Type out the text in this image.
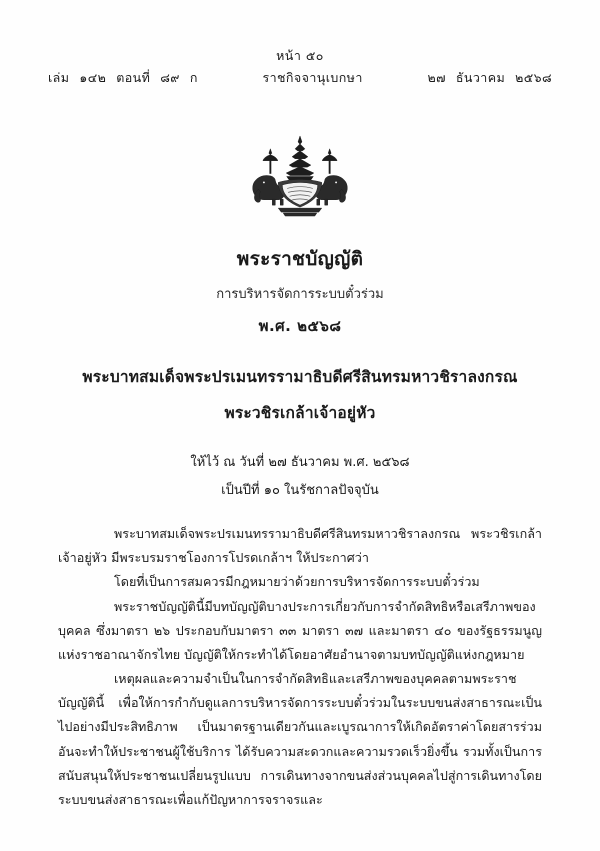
หน้า ๕๐
เล่ม ๑๔๒ ตอนที่ ๘๙ ก	ราชกิจจานุเบกษา	๒๗ ธันวาคม ๒๕๖๘
พระราชบัญญัติ
การบริหารจัดการระบบตั๋วร่วม
พ.ศ. ๒๕๖๘
พระบาทสมเด็จพระปรเมนทรรามาธิบดีศรีสินทรมหาวชิราลงกรณ
พระวชิรเกล้าเจ้าอยู่หัว
ให้ไว้ ณ วันที่ ๒๗ ธันวาคม พ.ศ. ๒๕๖๘
เป็นปีที่ ๑๐ ในรัชกาลปัจจุบัน

พระบาทสมเด็จพระปรเมนทรรามาธิบดีศรีสินทรมหาวชิราลงกรณ พระวชิรเกล้าเจ้าอยู่หัว มีพระบรมราชโองการโปรดเกล้าฯ ให้ประกาศว่า

โดยที่เป็นการสมควรมีกฎหมายว่าด้วยการบริหารจัดการระบบตั๋วร่วม

พระราชบัญญัตินี้มีบทบัญญัติบางประการเกี่ยวกับการจำกัดสิทธิหรือเสรีภาพของบุคคล ซึ่งมาตรา ๒๖ ประกอบกับมาตรา ๓๓ มาตรา ๓๗ และมาตรา ๔๐ ของรัฐธรรมนูญแห่งราชอาณาจักรไทย บัญญัติให้กระทำได้โดยอาศัยอำนาจตามบทบัญญัติแห่งกฎหมาย

เหตุผลและความจำเป็นในการจำกัดสิทธิและเสรีภาพของบุคคลตามพระราชบัญญัตินี้ เพื่อให้การกำกับดูแลการบริหารจัดการระบบตั๋วร่วมในระบบขนส่งสาธารณะเป็นไปอย่างมีประสิทธิภาพ เป็นมาตรฐานเดียวกันและเบูรณาการให้เกิดอัตราค่าโดยสารร่วม อันจะทำให้ประชาชนผู้ใช้บริการ ได้รับความสะดวกและความรวดเร็วยิ่งขึ้น รวมทั้งเป็นการสนับสนุนให้ประชาชนเปลี่ยนรูปแบบ การเดินทางจากขนส่งส่วนบุคคลไปสู่การเดินทางโดยระบบขนส่งสาธารณะเพื่อแก้ปัญหาการจราจรและ
